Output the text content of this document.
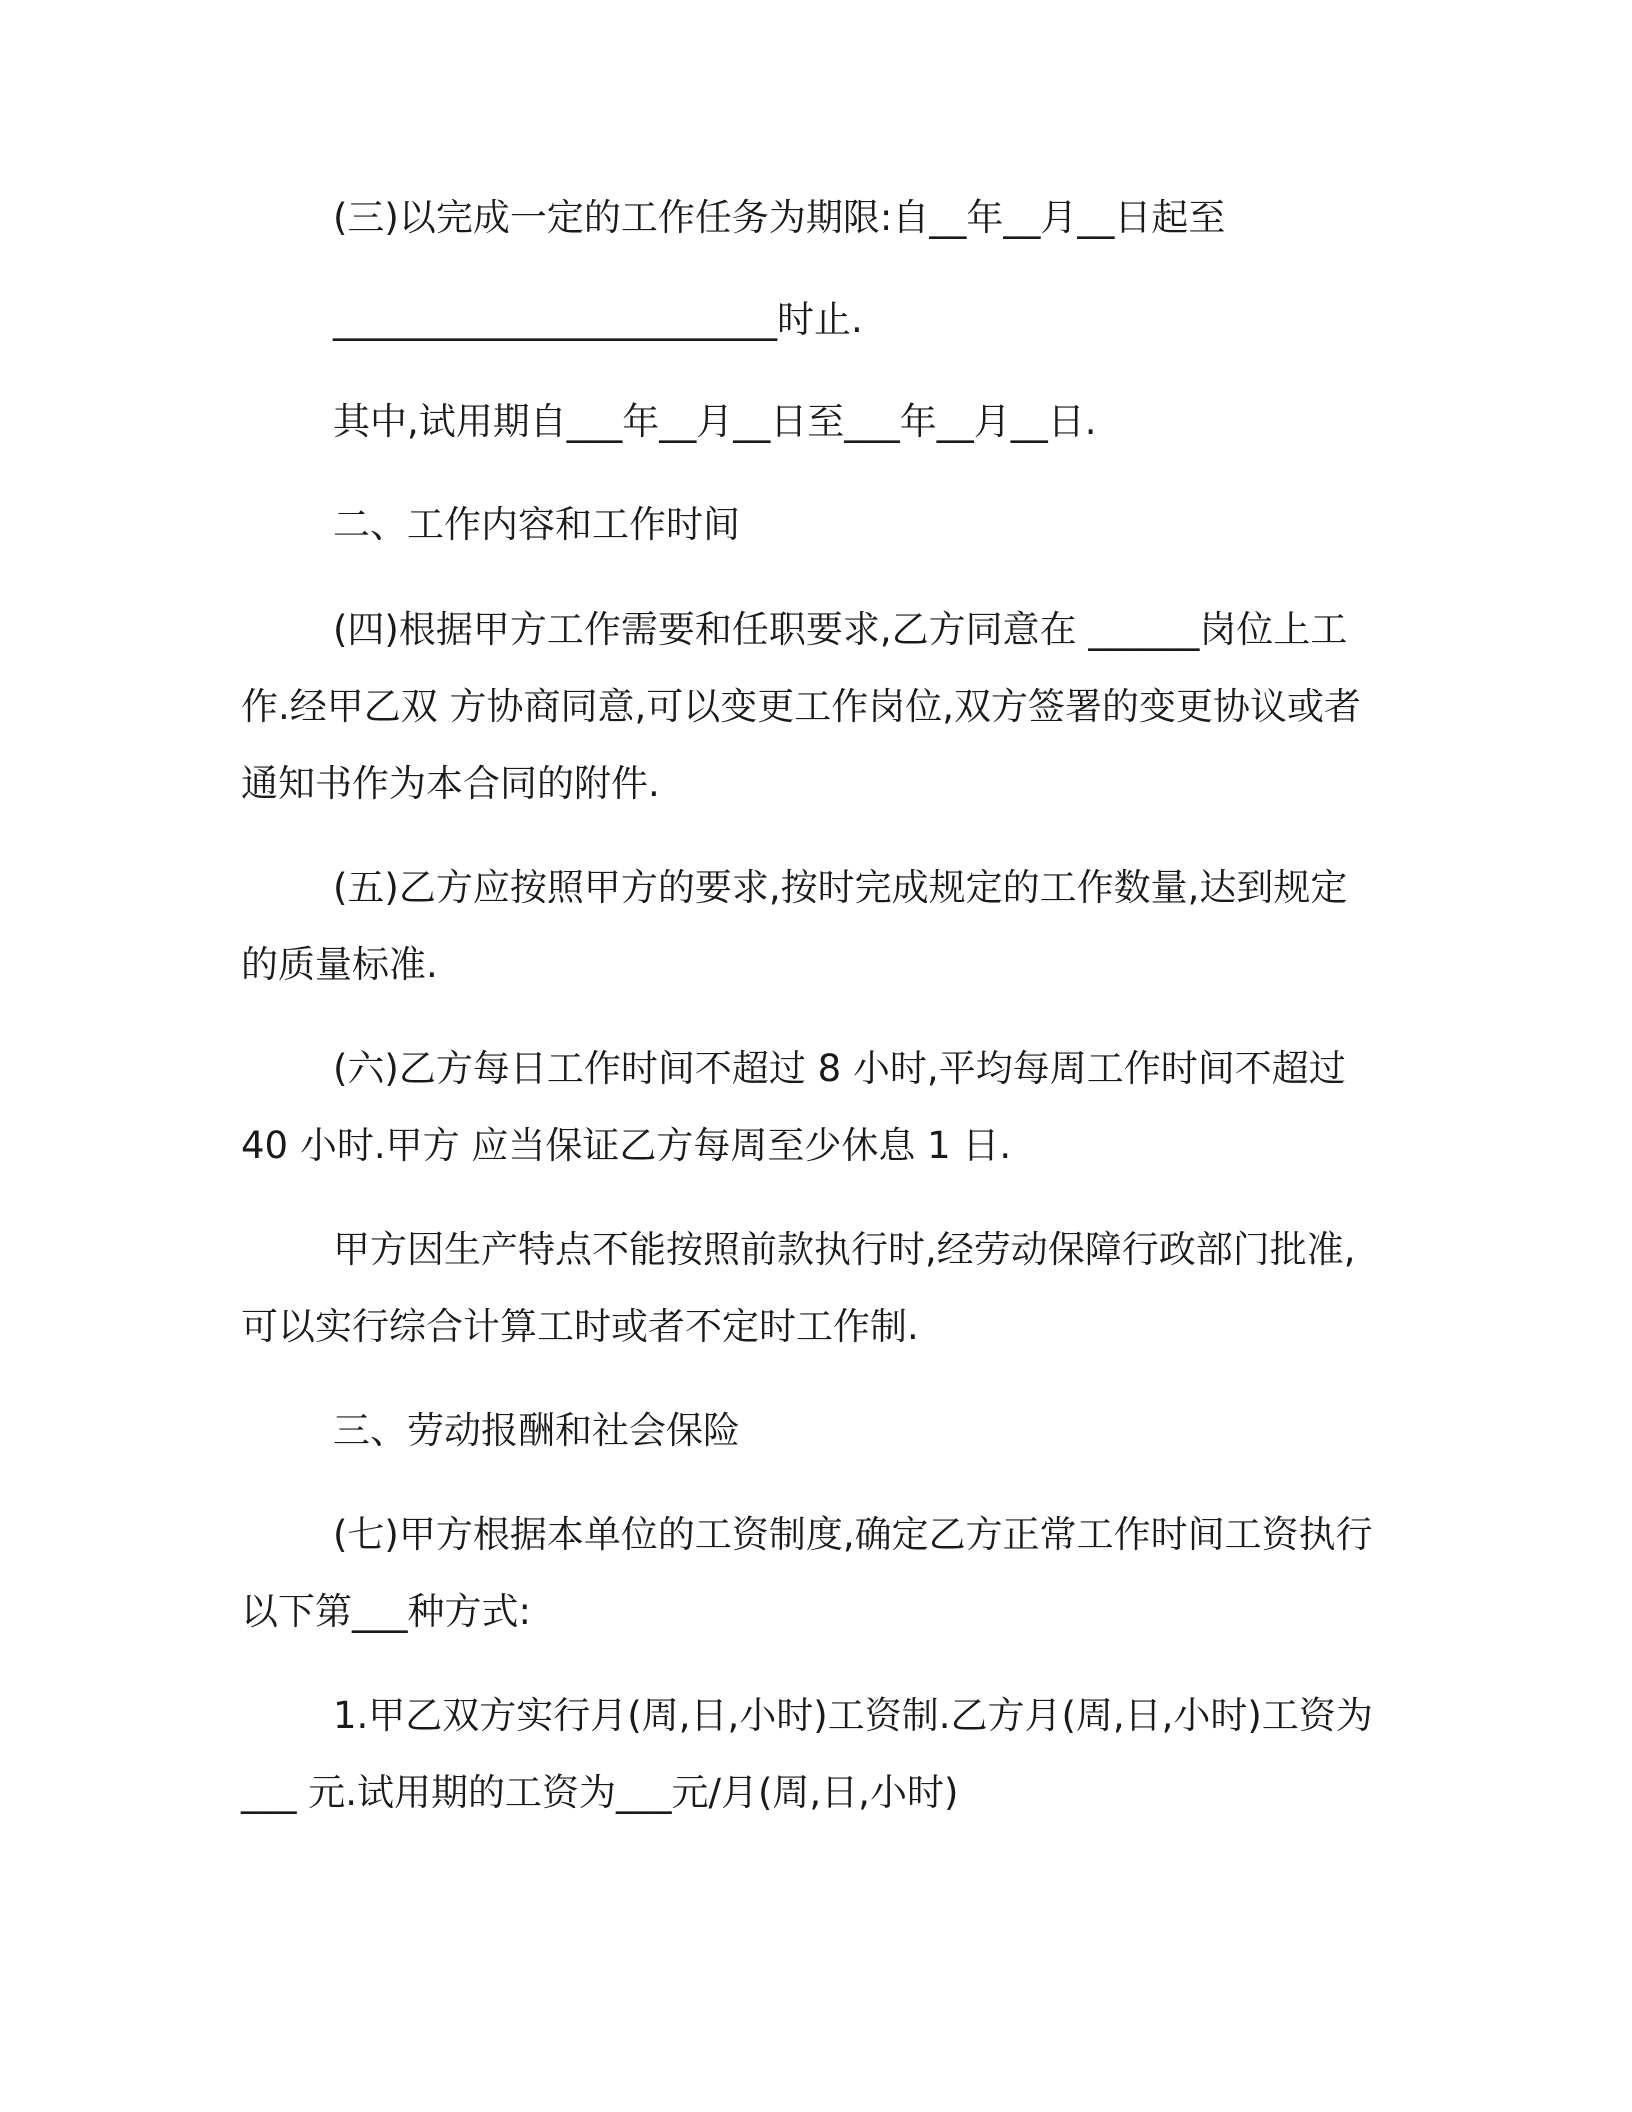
(三)以完成一定的工作任务为期限:自__年__月__日起至
________________________时止.
其中,试用期自___年__月__日至___年__月__日.
二、工作内容和工作时间
(四)根据甲方工作需要和任职要求,乙方同意在 ______岗位上工
作.经甲乙双 方协商同意,可以变更工作岗位,双方签署的变更协议或者
通知书作为本合同的附件.
(五)乙方应按照甲方的要求,按时完成规定的工作数量,达到规定
的质量标准.
(六)乙方每日工作时间不超过 8 小时,平均每周工作时间不超过
40 小时.甲方 应当保证乙方每周至少休息 1 日.
甲方因生产特点不能按照前款执行时,经劳动保障行政部门批准,
可以实行综合计算工时或者不定时工作制.
三、劳动报酬和社会保险
(七)甲方根据本单位的工资制度,确定乙方正常工作时间工资执行
以下第___种方式:
1.甲乙双方实行月(周,日,小时)工资制.乙方月(周,日,小时)工资为
___ 元.试用期的工资为___元/月(周,日,小时)
